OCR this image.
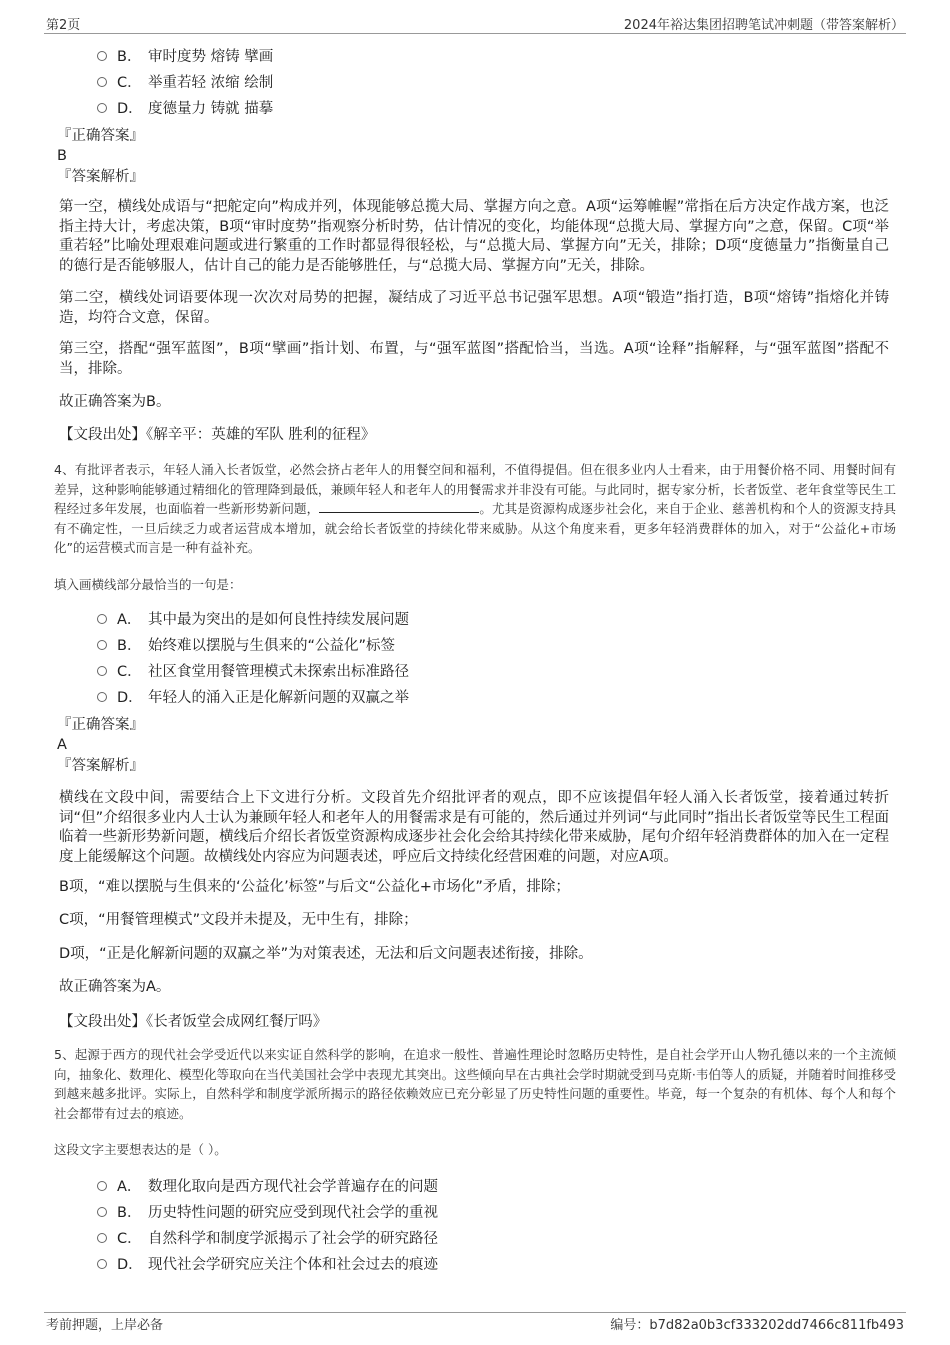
第2页	2024年裕达集团招聘笔试冲刺题（带答案解析）
B． 审时度势 熔铸 擘画
C． 举重若轻 浓缩 绘制
D． 度德量力 铸就 描摹
『正确答案』
B
『答案解析』
第一空，横线处成语与“把舵定向”构成并列，体现能够总揽大局、掌握方向之意。A项“运筹帷幄”常指在后方决定作战方案，也泛指主持大计，考虑决策，B项“审时度势”指观察分析时势，估计情况的变化，均能体现“总揽大局、掌握方向”之意，保留。C项“举重若轻”比喻处理艰难问题或进行繁重的工作时都显得很轻松，与“总揽大局、掌握方向”无关，排除；D项“度德量力”指衡量自己的德行是否能够服人，估计自己的能力是否能够胜任，与“总揽大局、掌握方向”无关，排除。
第二空，横线处词语要体现一次次对局势的把握，凝结成了习近平总书记强军思想。A项“锻造”指打造，B项“熔铸”指熔化并铸造，均符合文意，保留。
第三空，搭配“强军蓝图”，B项“擘画”指计划、布置，与“强军蓝图”搭配恰当，当选。A项“诠释”指解释，与“强军蓝图”搭配不当，排除。
故正确答案为B。
【文段出处】《解辛平：英雄的军队 胜利的征程》
4、有批评者表示，年轻人涌入长者饭堂，必然会挤占老年人的用餐空间和福利，不值得提倡。但在很多业内人士看来，由于用餐价格不同、用餐时间有差异，这种影响能够通过精细化的管理降到最低，兼顾年轻人和老年人的用餐需求并非没有可能。与此同时，据专家分析，长者饭堂、老年食堂等民生工程经过多年发展，也面临着一些新形势新问题，	。尤其是资源构成逐步社会化，来自于企业、慈善机构和个人的资源支持具有不确定性，一旦后续乏力或者运营成本增加，就会给长者饭堂的持续化带来威胁。从这个角度来看，更多年轻消费群体的加入，对于“公益化+市场化”的运营模式而言是一种有益补充。
填入画横线部分最恰当的一句是：
A． 其中最为突出的是如何良性持续发展问题
B． 始终难以摆脱与生俱来的“公益化”标签
C． 社区食堂用餐管理模式未探索出标准路径
D． 年轻人的涌入正是化解新问题的双赢之举
『正确答案』
A
『答案解析』
横线在文段中间，需要结合上下文进行分析。文段首先介绍批评者的观点，即不应该提倡年轻人涌入长者饭堂，接着通过转折词“但”介绍很多业内人士认为兼顾年轻人和老年人的用餐需求是有可能的，然后通过并列词“与此同时”指出长者饭堂等民生工程面临着一些新形势新问题，横线后介绍长者饭堂资源构成逐步社会化会给其持续化带来威胁，尾句介绍年轻消费群体的加入在一定程度上能缓解这个问题。故横线处内容应为问题表述，呼应后文持续化经营困难的问题，对应A项。
B项，“难以摆脱与生俱来的‘公益化’标签”与后文“公益化+市场化”矛盾，排除；
C项，“用餐管理模式”文段并未提及，无中生有，排除；
D项，“正是化解新问题的双赢之举”为对策表述，无法和后文问题表述衔接，排除。
故正确答案为A。
【文段出处】《长者饭堂会成网红餐厅吗》
5、起源于西方的现代社会学受近代以来实证自然科学的影响，在追求一般性、普遍性理论时忽略历史特性，是自社会学开山人物孔德以来的一个主流倾向，抽象化、数理化、模型化等取向在当代美国社会学中表现尤其突出。这些倾向早在古典社会学时期就受到马克斯·韦伯等人的质疑，并随着时间推移受到越来越多批评。实际上，自然科学和制度学派所揭示的路径依赖效应已充分彰显了历史特性问题的重要性。毕竟，每一个复杂的有机体、每个人和每个社会都带有过去的痕迹。
这段文字主要想表达的是（ ）。
A． 数理化取向是西方现代社会学普遍存在的问题
B． 历史特性问题的研究应受到现代社会学的重视
C． 自然科学和制度学派揭示了社会学的研究路径
D． 现代社会学研究应关注个体和社会过去的痕迹
考前押题，上岸必备	编号：b7d82a0b3cf333202dd7466c811fb493
